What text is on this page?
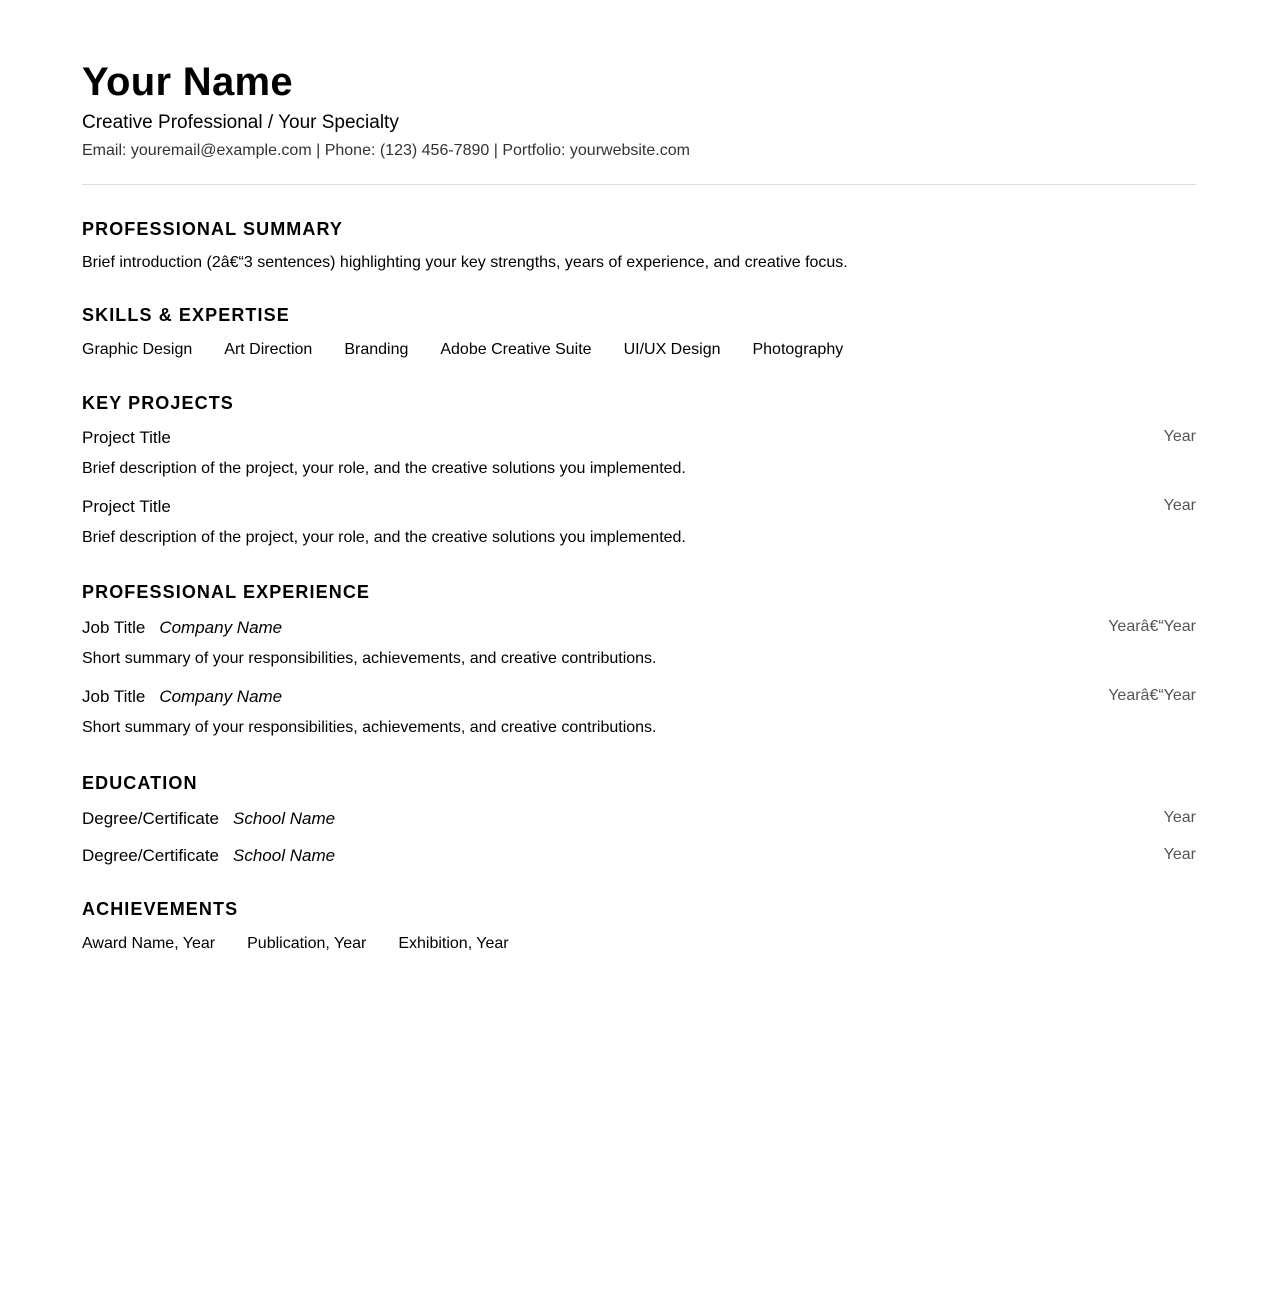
Your Name
Creative Professional / Your Specialty
Email: youremail@example.com | Phone: (123) 456-7890 | Portfolio: yourwebsite.com
PROFESSIONAL SUMMARY
Brief introduction (2â€“3 sentences) highlighting your key strengths, years of experience, and creative focus.
SKILLS & EXPERTISE
Graphic Design Art Direction Branding Adobe Creative Suite UI/UX Design Photography
KEY PROJECTS
Project Title	Year
Brief description of the project, your role, and the creative solutions you implemented.
Project Title	Year
Brief description of the project, your role, and the creative solutions you implemented.
PROFESSIONAL EXPERIENCE
Job Title Company Name	Yearâ€“Year
Short summary of your responsibilities, achievements, and creative contributions.
Job Title Company Name	Yearâ€“Year
Short summary of your responsibilities, achievements, and creative contributions.
EDUCATION
Degree/Certificate School Name	Year
Degree/Certificate School Name	Year
ACHIEVEMENTS
Award Name, Year Publication, Year Exhibition, Year
